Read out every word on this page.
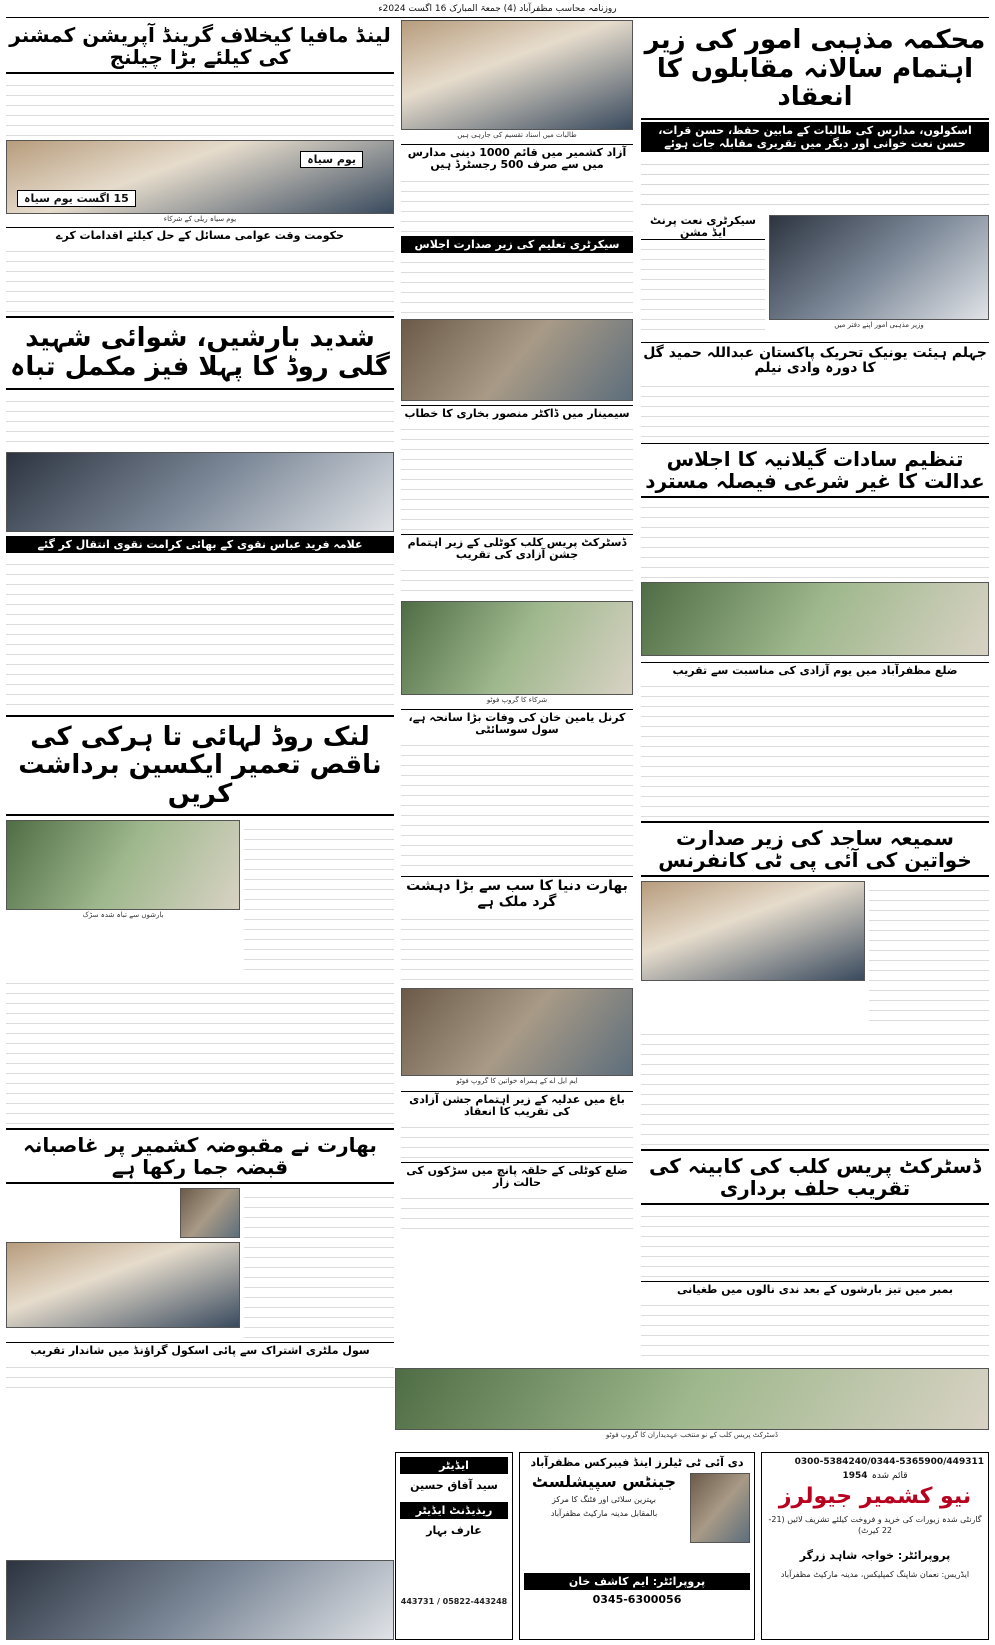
روزنامہ محاسب مظفرآباد (4) جمعۃ المبارک 16 اگست 2024ء
محکمہ مذہبی امور کی زیر اہتمام سالانہ مقابلوں کا انعقاد
اسکولوں، مدارس کی طالبات کے مابین حفظ، حسن قرات، حسن نعت خوانی اور دیگر میں تقریری مقابلہ جات ہوئے
وزیر مذہبی امور اپنے دفتر میں
سیکرٹری نعت پرنٹ ایڈ مشن
جہلم ہیئت یونیک تحریک پاکستان عبداللہ حمید گل کا دورہ وادی نیلم
تنظیم سادات گیلانیہ کا اجلاس عدالت کا غیر شرعی فیصلہ مسترد
ضلع مظفرآباد میں یوم آزادی کی مناسبت سے تقریب
سمیعہ ساجد کی زیر صدارت خواتین کی آئی پی ٹی کانفرنس
ڈسٹرکٹ پریس کلب کی کابینہ کی تقریب حلف برداری
بمبر میں تیز بارشوں کے بعد ندی نالوں میں طغیانی
طالبات میں اسناد تقسیم کی جارہی ہیں
آزاد کشمیر میں قائم 1000 دینی مدارس میں سے صرف 500 رجسٹرڈ ہیں
سیکرٹری تعلیم کی زیر صدارت اجلاس
سیمینار میں ڈاکٹر منصور بخاری کا خطاب
ڈسٹرکٹ پریس کلب کوٹلی کے زیر اہتمام جشن آزادی کی تقریب
شرکاء کا گروپ فوٹو
کرنل یامین خان کی وفات بڑا سانحہ ہے، سول سوسائٹی
بھارت دنیا کا سب سے بڑا دہشت گرد ملک ہے
ایم ایل اے کے ہمراہ خواتین کا گروپ فوٹو
باغ میں عدلیہ کے زیر اہتمام جشن آزادی کی تقریب کا انعقاد
ضلع کوٹلی کے حلقہ پانچ میں سڑکوں کی حالت زار
لینڈ مافیا کیخلاف گرینڈ آپریشن کمشنر کی کیلئے بڑا چیلنج
15 اگست یوم سیاہ
یوم سیاہ
یوم سیاہ ریلی کے شرکاء
حکومت وقت عوامی مسائل کے حل کیلئے اقدامات کرے
شدید بارشیں، شوائی شہید گلی روڈ کا پہلا فیز مکمل تباہ
علامہ فرید عباس نقوی کے بھائی کرامت نقوی انتقال کر گئے
لنک روڈ لہائی تا ہرکی کی ناقص تعمیر ایکسین برداشت کریں
بارشوں سے تباہ شدہ سڑک
بھارت نے مقبوضہ کشمیر پر غاصبانہ قبضہ جما رکھا ہے
سول ملٹری اشتراک سے پائی اسکول گراؤنڈ میں شاندار تقریب
ڈسٹرکٹ پریس کلب کے نو منتخب عہدیداران کا گروپ فوٹو
0300-5384240/0344-5365900/449311
قائم شدہ
1954
نیو کشمیر جیولرز
گارنٹی شدہ زیورات کی خرید و فروخت کیلئے تشریف لائیں (21-22 کیرٹ)
پروپرائٹر: خواجہ شاہد زرگر
ایڈریس: نعمان شاپنگ کمپلیکس، مدینہ مارکیٹ مظفرآباد
دی آئی ٹی ٹیلرز اینڈ فیبرکس مظفرآباد
جینٹس سپیشلسٹ
بہترین سلائی اور فٹنگ کا مرکز
بالمقابل مدینہ مارکیٹ مظفرآباد
پروپرائٹر: ایم کاشف خان
0345-6300056
ایڈیٹر
سید آفاق حسین
ریذیڈنٹ ایڈیٹر
عارف بہار
05822-443248 / 443731
